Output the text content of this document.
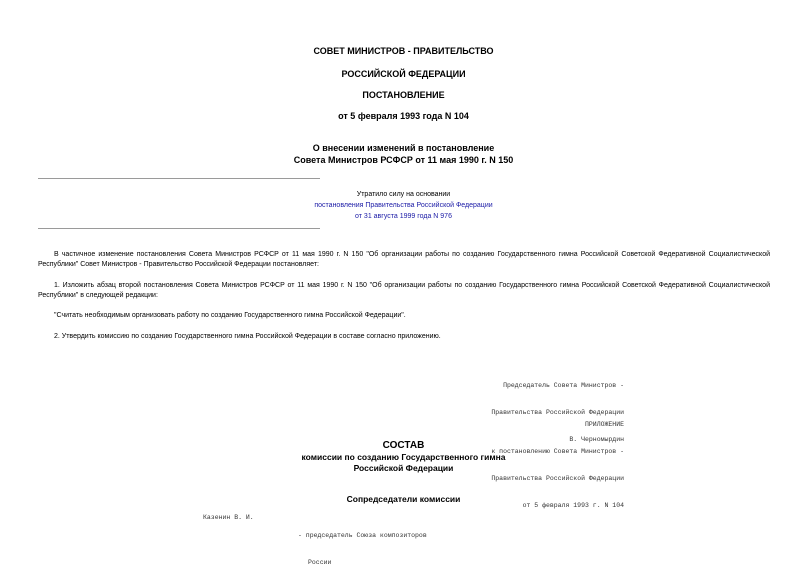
СОВЕТ МИНИСТРОВ - ПРАВИТЕЛЬСТВО
РОССИЙСКОЙ ФЕДЕРАЦИИ
ПОСТАНОВЛЕНИЕ
от 5 февраля 1993 года N 104
О внесении изменений в постановление
Совета Министров РСФСР от 11 мая 1990 г. N 150
Утратило силу на основании
постановления Правительства Российской Федерации
от 31 августа 1999 года N 976
В частичное изменение постановления Совета Министров РСФСР от 11 мая 1990 г. N 150 "Об организации работы по созданию Государственного гимна Российской Советской Федеративной Социалистической Республики" Совет Министров - Правительство Российской Федерации постановляет:
1. Изложить абзац второй постановления Совета Министров РСФСР от 11 мая 1990 г. N 150 "Об организации работы по созданию Государственного гимна Российской Советской Федеративной Социалистической Республики" в следующей редакции:
"Считать необходимым организовать работу по созданию Государственного гимна Российской Федерации".
2. Утвердить комиссию по созданию Государственного гимна Российской Федерации в составе согласно приложению.

Председатель Совета Министров -

Правительства Российской Федерации

В. Черномырдин

ПРИЛОЖЕНИЕ

к постановлению Совета Министров -

Правительства Российской Федерации

от 5 февраля 1993 г. N 104

СОСТАВ
комиссии по созданию Государственного гимна
Российской Федерации
Сопредседатели комиссии
Казенин В. И.

- председатель Союза композиторов

России
